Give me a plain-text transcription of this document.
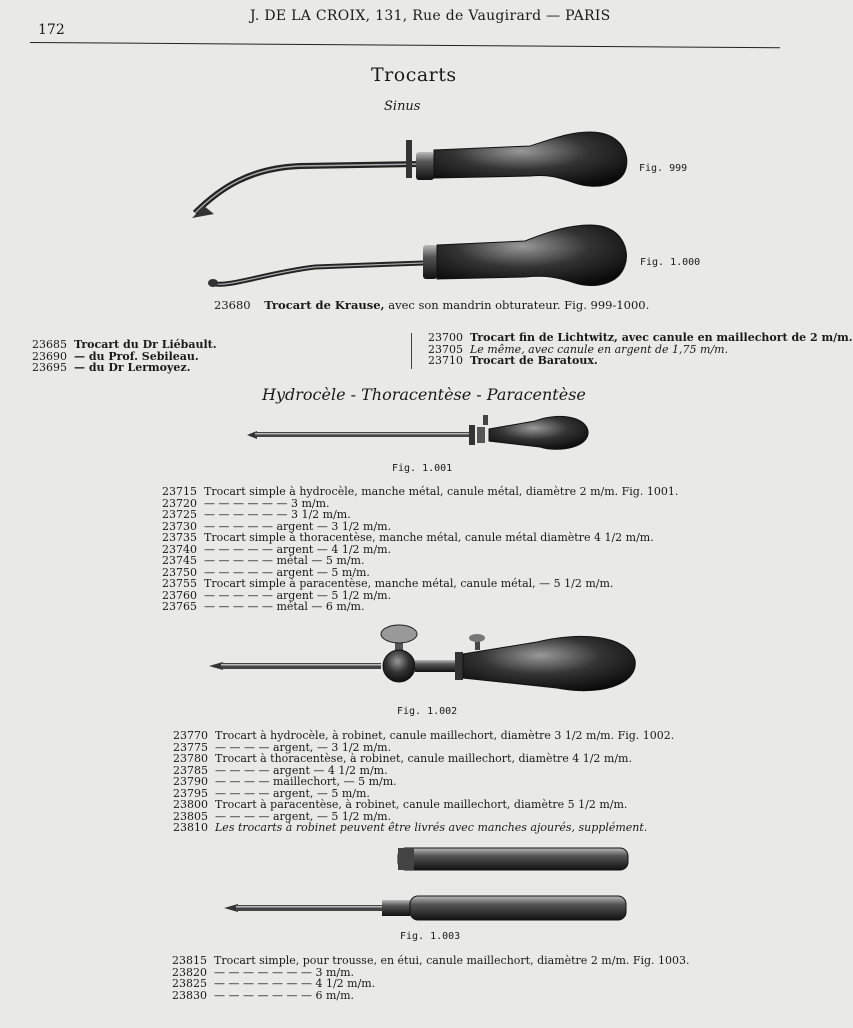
172
J. DE LA CROIX, 131, Rue de Vaugirard — PARIS
Trocarts
Sinus
Fig. 999
Fig. 1.000
23680 Trocart de Krause, avec son mandrin obturateur. Fig. 999-1000.
23685 Trocart du Dr Liébault.
23690 — du Prof. Sebileau.
23695 — du Dr Lermoyez.
23700 Trocart fin de Lichtwitz, avec canule en maillechort de 2 m/m.
23705 Le même, avec canule en argent de 1,75 m/m.
23710 Trocart de Baratoux.
Hydrocèle - Thoracentèse - Paracentèse
Fig. 1.001
23715 Trocart simple à hydrocèle, manche métal, canule métal, diamètre 2 m/m. Fig. 1001.
23720 — — — — — — 3 m/m.
23725 — — — — — — 3 1/2 m/m.
23730 — — — — — argent — 3 1/2 m/m.
23735 Trocart simple à thoracentèse, manche métal, canule métal diamètre 4 1/2 m/m.
23740 — — — — — argent — 4 1/2 m/m.
23745 — — — — — métal — 5 m/m.
23750 — — — — — argent — 5 m/m.
23755 Trocart simple à paracentèse, manche métal, canule métal, — 5 1/2 m/m.
23760 — — — — — argent — 5 1/2 m/m.
23765 — — — — — métal — 6 m/m.
Fig. 1.002
23770 Trocart à hydrocèle, à robinet, canule maillechort, diamètre 3 1/2 m/m. Fig. 1002.
23775 — — — — argent, — 3 1/2 m/m.
23780 Trocart à thoracentèse, à robinet, canule maillechort, diamètre 4 1/2 m/m.
23785 — — — — argent — 4 1/2 m/m.
23790 — — — — maillechort, — 5 m/m.
23795 — — — — argent, — 5 m/m.
23800 Trocart à paracentèse, à robinet, canule maillechort, diamètre 5 1/2 m/m.
23805 — — — — argent, — 5 1/2 m/m.
23810 Les trocarts à robinet peuvent être livrés avec manches ajourés, supplément.
Fig. 1.003
23815 Trocart simple, pour trousse, en étui, canule maillechort, diamètre 2 m/m. Fig. 1003.
23820 — — — — — — — 3 m/m.
23825 — — — — — — — 4 1/2 m/m.
23830 — — — — — — — 6 m/m.
